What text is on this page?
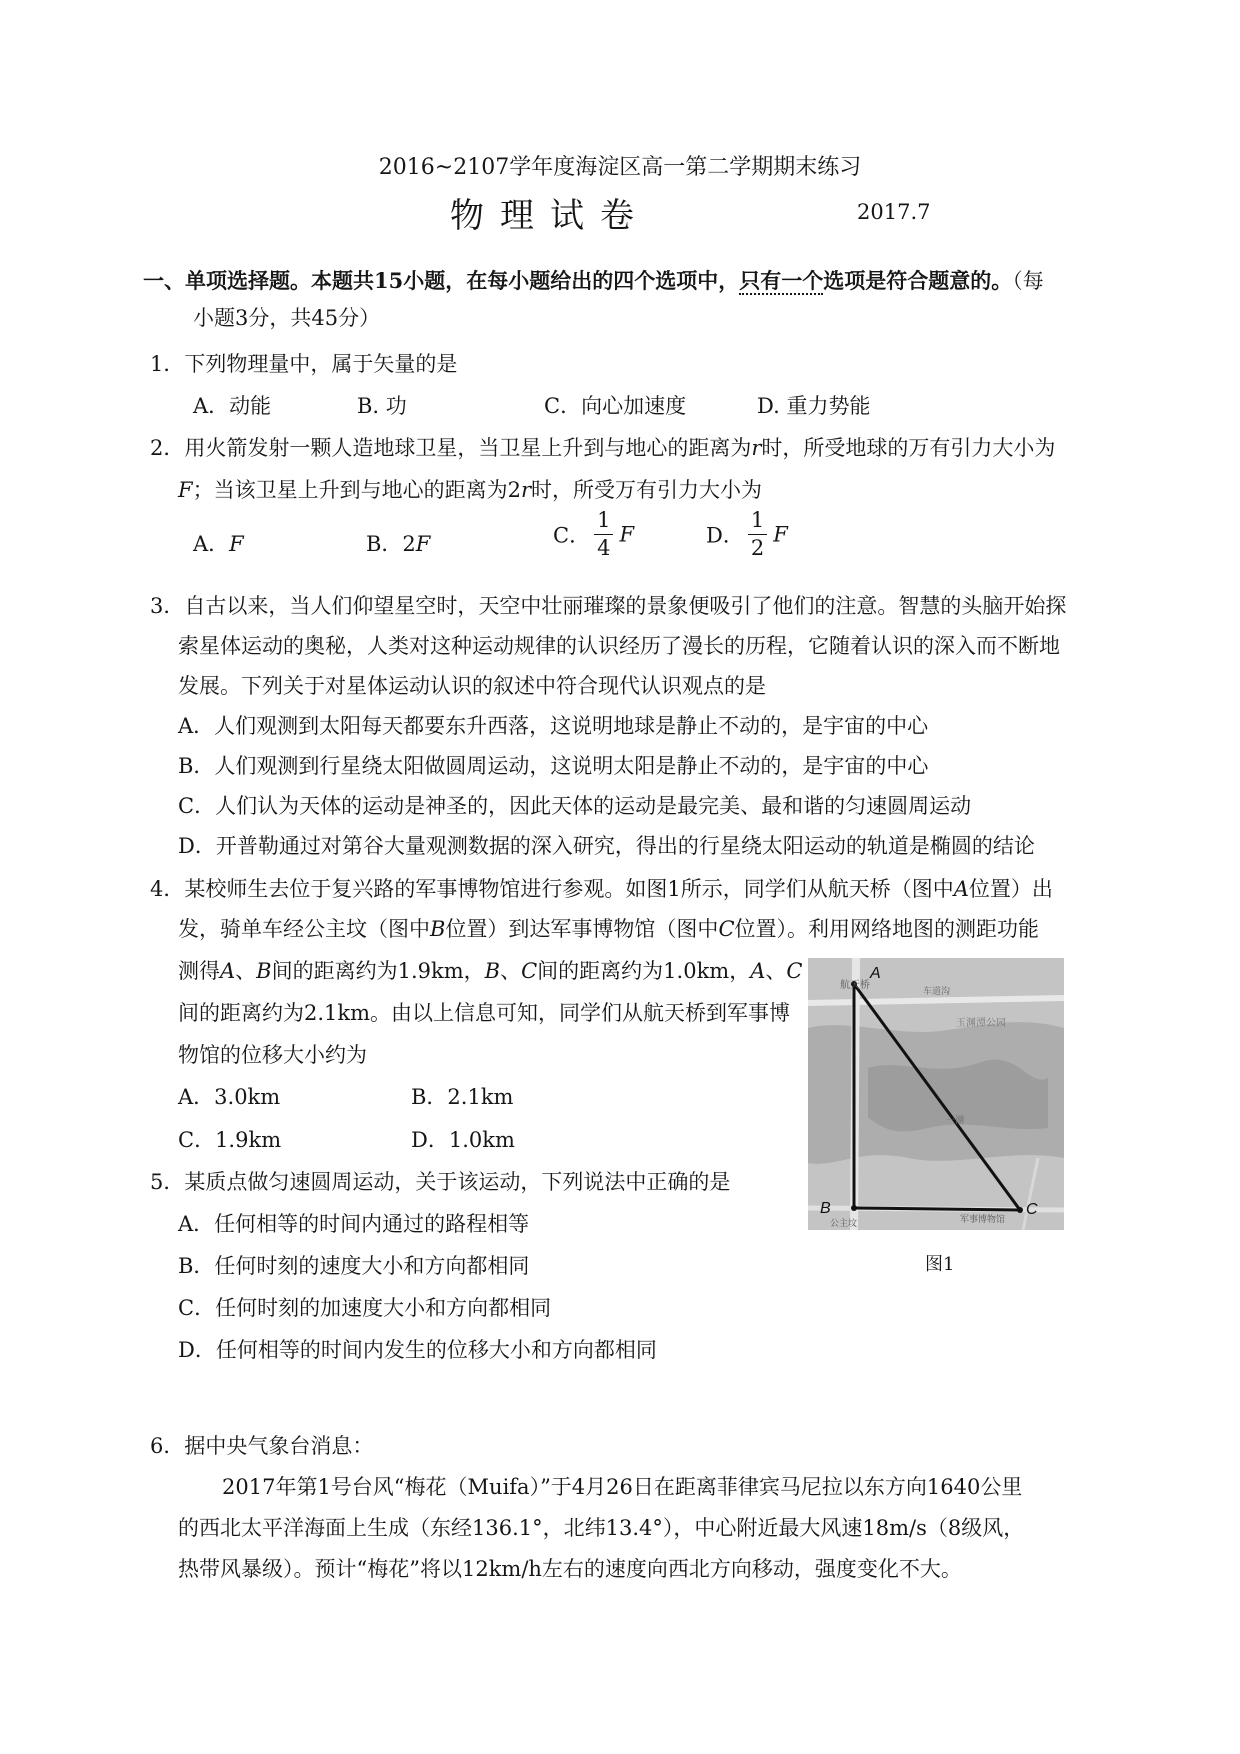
2016~2107学年度海淀区高一第二学期期末练习
物理试卷	2017.7
一、单项选择题。本题共15小题，在每小题给出的四个选项中，只有一个选项是符合题意的。（每
小题3分，共45分）
1．下列物理量中，属于矢量的是
A．动能	B. 功	C．向心加速度	D. 重力势能
2．用火箭发射一颗人造地球卫星，当卫星上升到与地心的距离为r时，所受地球的万有引力大小为
F；当该卫星上升到与地心的距离为2r时，所受万有引力大小为
A．F	B．2F	C． $\frac{1}{4}$ F	D． $\frac{1}{2}$ F
3．自古以来，当人们仰望星空时，天空中壮丽璀璨的景象便吸引了他们的注意。智慧的头脑开始探
索星体运动的奥秘，人类对这种运动规律的认识经历了漫长的历程，它随着认识的深入而不断地
发展。下列关于对星体运动认识的叙述中符合现代认识观点的是
A．人们观测到太阳每天都要东升西落，这说明地球是静止不动的，是宇宙的中心
B．人们观测到行星绕太阳做圆周运动，这说明太阳是静止不动的，是宇宙的中心
C．人们认为天体的运动是神圣的，因此天体的运动是最完美、最和谐的匀速圆周运动
D．开普勒通过对第谷大量观测数据的深入研究，得出的行星绕太阳运动的轨道是椭圆的结论
4．某校师生去位于复兴路的军事博物馆进行参观。如图1所示，同学们从航天桥（图中A位置）出
发，骑单车经公主坟（图中B位置）到达军事博物馆（图中C位置）。利用网络地图的测距功能
测得A、B间的距离约为1.9km，B、C间的距离约为1.0km，A、C
间的距离约为2.1km。由以上信息可知，同学们从航天桥到军事博
物馆的位移大小约为
A．3.0km	B．2.1km
C．1.9km	D．1.0km
航天桥	车道沟
玉渊潭公园
一湖
公主坟	军事博物馆
A
B	C
图1
5．某质点做匀速圆周运动，关于该运动，下列说法中正确的是
A．任何相等的时间内通过的路程相等
B．任何时刻的速度大小和方向都相同
C．任何时刻的加速度大小和方向都相同
D．任何相等的时间内发生的位移大小和方向都相同
6．据中央气象台消息：
2017年第1号台风“梅花（Muifa）”于4月26日在距离菲律宾马尼拉以东方向1640公里
的西北太平洋海面上生成（东经136.1°，北纬13.4°），中心附近最大风速18m/s（8级风，
热带风暴级）。预计“梅花”将以12km/h左右的速度向西北方向移动，强度变化不大。
